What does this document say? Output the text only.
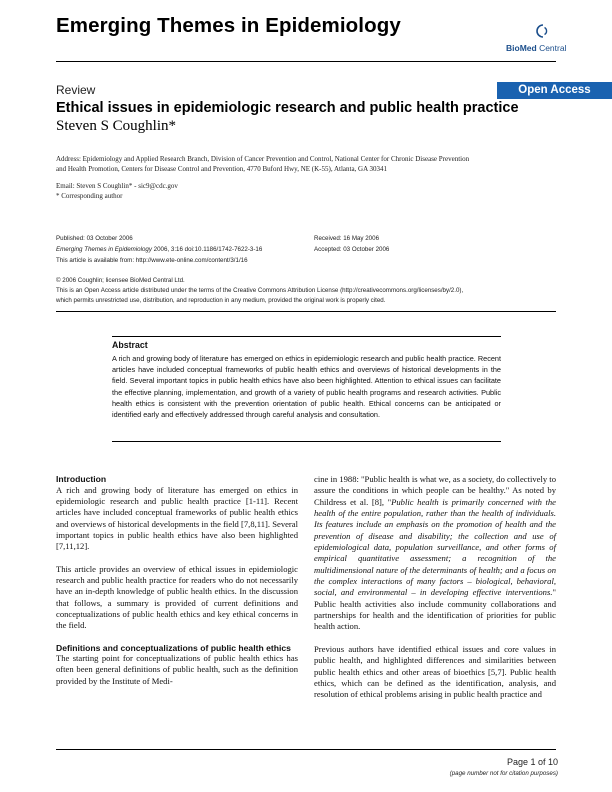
Emerging Themes in Epidemiology
BioMed Central
Review	Open Access
Ethical issues in epidemiologic research and public health practice
Steven S Coughlin*
Address: Epidemiology and Applied Research Branch, Division of Cancer Prevention and Control, National Center for Chronic Disease Prevention
and Health Promotion, Centers for Disease Control and Prevention, 4770 Buford Hwy, NE (K-55), Atlanta, GA 30341
Email: Steven S Coughlin* - sic9@cdc.gov
* Corresponding author
Published: 03 October 2006
Emerging Themes in Epidemiology 2006, 3:16 doi:10.1186/1742-7622-3-16
This article is available from: http://www.ete-online.com/content/3/1/16
Received: 16 May 2006
Accepted: 03 October 2006
© 2006 Coughlin; licensee BioMed Central Ltd.
This is an Open Access article distributed under the terms of the Creative Commons Attribution License (http://creativecommons.org/licenses/by/2.0),
which permits unrestricted use, distribution, and reproduction in any medium, provided the original work is properly cited.
Abstract
A rich and growing body of literature has emerged on ethics in epidemiologic research and public health practice. Recent articles have included conceptual frameworks of public health ethics and overviews of historical developments in the field. Several important topics in public health ethics have also been highlighted. Attention to ethical issues can facilitate the effective planning, implementation, and growth of a variety of public health programs and research activities. Public health ethics is consistent with the prevention orientation of public health. Ethical concerns can be anticipated or identified early and effectively addressed through careful analysis and consultation.
Introduction

A rich and growing body of literature has emerged on ethics in epidemiologic research and public health practice [1-11]. Recent articles have included conceptual frameworks of public health ethics and overviews of historical developments in the field [7,8,11]. Several important topics in public health ethics have also been highlighted [7,11,12].

This article provides an overview of ethical issues in epidemiologic research and public health practice for readers who do not necessarily have an in-depth knowledge of public health ethics. In the discussion that follows, a summary is provided of current definitions and conceptualizations of public health ethics and key ethical concerns in the field.

Definitions and conceptualizations of public health ethics

The starting point for conceptualizations of public health ethics has often been general definitions of public health, such as the definition provided by the Institute of Medi-

cine in 1988: "Public health is what we, as a society, do collectively to assure the conditions in which people can be healthy." As noted by Childress et al. [8], "Public health is primarily concerned with the health of the entire population, rather than the health of individuals. Its features include an emphasis on the promotion of health and the prevention of disease and disability; the collection and use of epidemiological data, population surveillance, and other forms of empirical quantitative assessment; a recognition of the multidimensional nature of the determinants of health; and a focus on the complex interactions of many factors – biological, behavioral, social, and environmental – in developing effective interventions." Public health activities also include community collaborations and partnerships for health and the identification of priorities for public health action.

Previous authors have identified ethical issues and core values in public health, and highlighted differences and similarities between public health ethics and other areas of bioethics [5,7]. Public health ethics, which can be defined as the identification, analysis, and resolution of ethical problems arising in public health practice and

Page 1 of 10
(page number not for citation purposes)
